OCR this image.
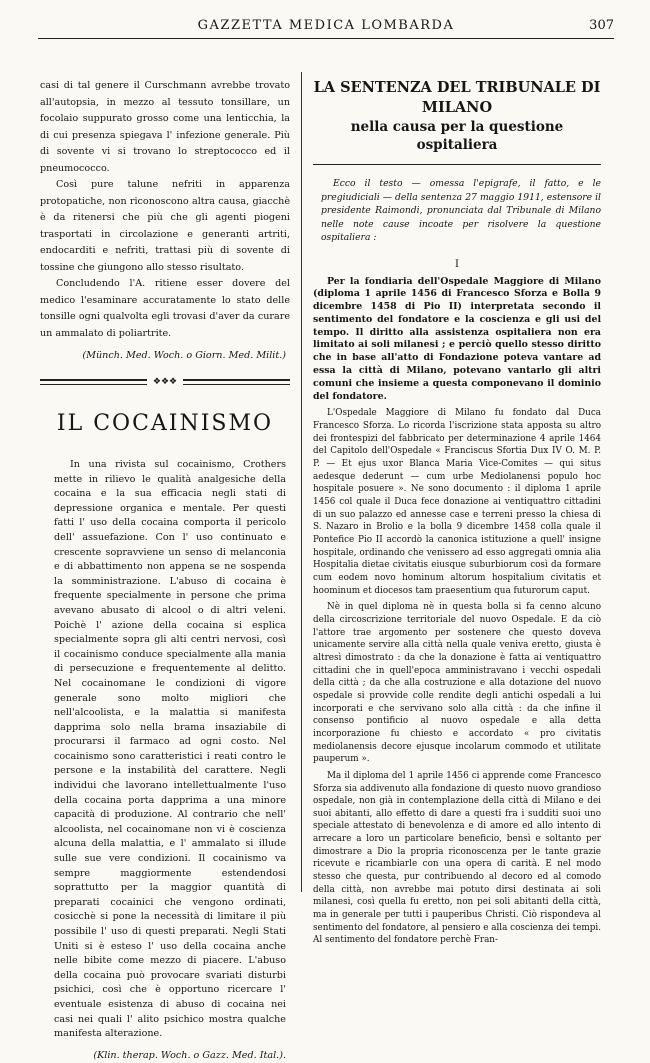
GAZZETTA MEDICA LOMBARDA	307

casi di tal genere il Curschmann avrebbe trovato all'autopsia, in mezzo al tessuto tonsillare, un focolaio suppurato grosso come una lenticchia, la di cui presenza spiegava l' infezione generale. Più di sovente vi si trovano lo streptococco ed il pneumococco.

Così pure talune nefriti in apparenza protopatiche, non riconoscono altra causa, giacchè è da ritenersi che più che gli agenti piogeni trasportati in circolazione e generanti artriti, endocarditi e nefriti, trattasi più di sovente di tossine che giungono allo stesso risultato.

Concludendo l'A. ritiene esser dovere del medico l'esaminare accuratamente lo stato delle tonsille ogni qualvolta egli trovasi d'aver da curare un ammalato di poliartrite.

(Münch. Med. Woch. o Giorn. Med. Milit.)

❖❖❖
IL COCAINISMO

In una rivista sul cocainismo, Crothers mette in rilievo le qualità analgesiche della cocaina e la sua efficacia negli stati di depressione organica e mentale. Per questi fatti l' uso della cocaina comporta il pericolo dell' assuefazione. Con l' uso continuato e crescente sopravviene un senso di melanconia e di abbattimento non appena se ne sospenda la somministrazione. L'abuso di cocaina è frequente specialmente in persone che prima avevano abusato di alcool o di altri veleni. Poichè l' azione della cocaina si esplica specialmente sopra gli alti centri nervosi, così il cocainismo conduce specialmente alla mania di persecuzione e frequentemente al delitto. Nel cocainomane le condizioni di vigore generale sono molto migliori che nell'alcoolista, e la malattia si manifesta dapprima solo nella brama insaziabile di procurarsi il farmaco ad ogni costo. Nel cocainismo sono caratteristici i reati contro le persone e la instabilità del carattere. Negli individui che lavorano intellettualmente l'uso della cocaina porta dapprima a una minore capacità di produzione. Al contrario che nell' alcoolista, nel cocainomane non vi è coscienza alcuna della malattia, e l' ammalato si illude sulle sue vere condizioni. Il cocainismo va sempre maggiormente estendendosi soprattutto per la maggior quantità di preparati cocainici che vengono ordinati, cosicchè si pone la necessità di limitare il più possibile l' uso di questi preparati. Negli Stati Uniti si è esteso l' uso della cocaina anche nelle bibite come mezzo di piacere. L'abuso della cocaina può provocare svariati disturbi psichici, così che è opportuno ricercare l' eventuale esistenza di abuso di cocaina nei casi nei quali l' alito psichico mostra qualche manifesta alterazione.

(Klin. therap. Woch. o Gazz. Med. Ital.).

LA SENTENZA DEL TRIBUNALE DI MILANO
nella causa per la questione ospitaliera

Ecco il testo — omessa l'epigrafe, il fatto, e le pregiudiciali — della sentenza 27 maggio 1911, estensore il presidente Raimondi, pronunciata dal Tribunale di Milano nelle note cause incoate per risolvere la questione ospitaliera :

I

Per la fondiaria dell'Ospedale Maggiore di Milano (diploma 1 aprile 1456 di Francesco Sforza e Bolla 9 dicembre 1458 di Pio II) interpretata secondo il sentimento del fondatore e la coscienza e gli usi del tempo. Il diritto alla assistenza ospitaliera non era limitato ai soli milanesi ; e perciò quello stesso diritto che in base all'atto di Fondazione poteva vantare ad essa la città di Milano, potevano vantarlo gli altri comuni che insieme a questa componevano il dominio del fondatore.

L'Ospedale Maggiore di Milano fu fondato dal Duca Francesco Sforza. Lo ricorda l'iscrizione stata apposta su altro dei frontespizi del fabbricato per determinazione 4 aprile 1464 del Capitolo dell'Ospedale « Franciscus Sfortia Dux IV O. M. P. P. — Et ejus uxor Blanca Maria Vice-Comites — qui situs aedesque dederunt — cum urbe Mediolanensi populo hoc hospitale posuere ». Ne sono documento : il diploma 1 aprile 1456 col quale il Duca fece donazione ai ventiquattro cittadini di un suo palazzo ed annesse case e terreni presso la chiesa di S. Nazaro in Brolio e la bolla 9 dicembre 1458 colla quale il Pontefice Pio II accordò la canonica istituzione a quell' insigne hospitale, ordinando che venissero ad esso aggregati omnia alia Hospitalia dietae civitatis eiusque suburbiorum così da formare cum eodem novo hominum altorum hospitalium civitatis et hoominum et diocesos tam praesentium qua futurorum caput.

Nè in quel diploma nè in questa bolla si fa cenno alcuno della circoscrizione territoriale del nuovo Ospedale. E da ciò l'attore trae argomento per sostenere che questo doveva unicamente servire alla città nella quale veniva eretto, giusta è altresì dimostrato : da che la donazione è fatta ai ventiquattro cittadini che in quell'epoca amministravano i vecchi ospedali della città ; da che alla costruzione e alla dotazione del nuovo ospedale si provvide colle rendite degli antichi ospedali a lui incorporati e che servivano solo alla città : da che infine il consenso pontificio al nuovo ospedale e alla detta incorporazione fu chiesto e accordato « pro civitatis mediolanensis decore ejusque incolarum commodo et utilitate pauperum ».

Ma il diploma del 1 aprile 1456 ci apprende come Francesco Sforza sia addivenuto alla fondazione di questo nuovo grandioso ospedale, non già in contemplazione della città di Milano e dei suoi abitanti, allo effetto di dare a questi fra i sudditi suoi uno speciale attestato di benevolenza e di amore ed allo intento di arrecare a loro un particolare beneficio, bensì e soltanto per dimostrare a Dio la propria riconoscenza per le tante grazie ricevute e ricambiarle con una opera di carità. E nel modo stesso che questa, pur contribuendo al decoro ed al comodo della città, non avrebbe mai potuto dirsi destinata ai soli milanesi, così quella fu eretto, non pei soli abitanti della città, ma in generale per tutti i pauperibus Christi. Ciò rispondeva al sentimento del fondatore, al pensiero e alla coscienza dei tempi. Al sentimento del fondatore perchè Fran-
